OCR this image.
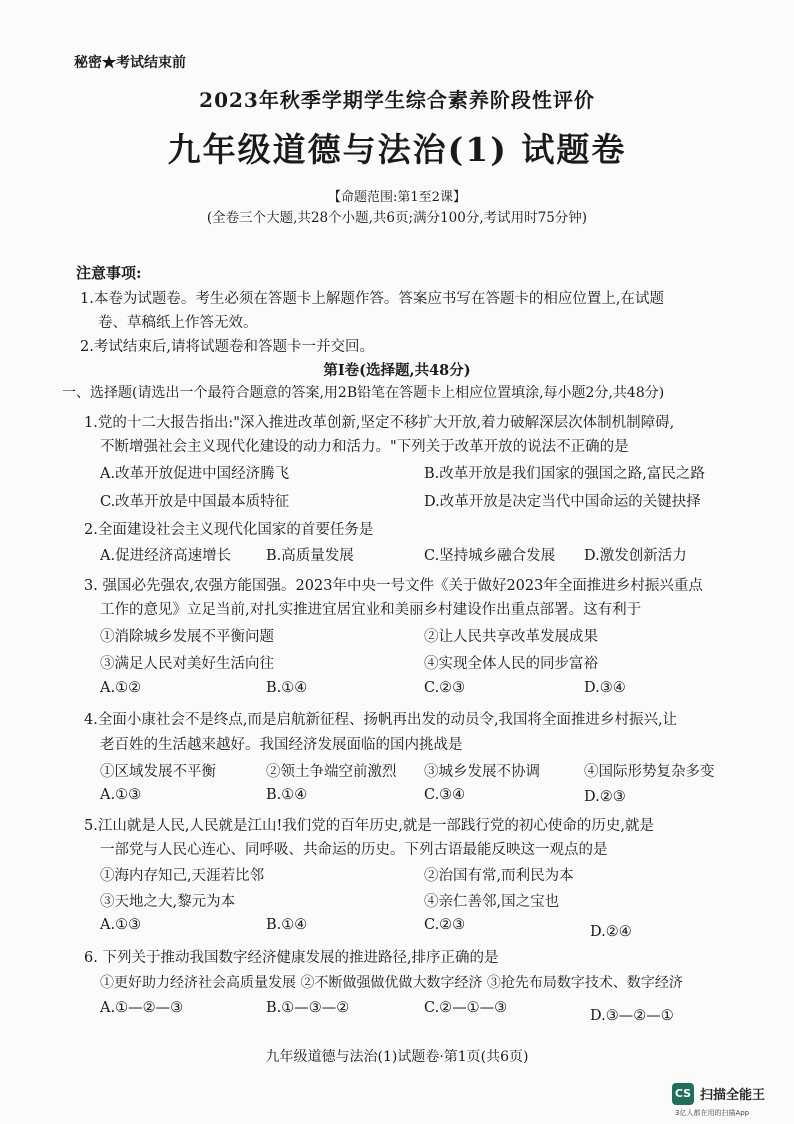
秘密★考试结束前
2023年秋季学期学生综合素养阶段性评价
九年级道德与法治(1) 试题卷
【命题范围:第1至2课】
(全卷三个大题,共28个小题,共6页;满分100分,考试用时75分钟)
注意事项:
1.本卷为试题卷。考生必须在答题卡上解题作答。答案应书写在答题卡的相应位置上,在试题
卷、草稿纸上作答无效。
2.考试结束后,请将试题卷和答题卡一并交回。
第Ⅰ卷(选择题,共48分)
一、选择题(请选出一个最符合题意的答案,用2B铅笔在答题卡上相应位置填涂,每小题2分,共48分)
1.党的十二大报告指出:"深入推进改革创新,坚定不移扩大开放,着力破解深层次体制机制障碍,
不断增强社会主义现代化建设的动力和活力。"下列关于改革开放的说法不正确的是
A.改革开放促进中国经济腾飞	B.改革开放是我们国家的强国之路,富民之路
C.改革开放是中国最本质特征	D.改革开放是决定当代中国命运的关键抉择
2.全面建设社会主义现代化国家的首要任务是
A.促进经济高速增长 B.高质量发展	C.坚持城乡融合发展 D.激发创新活力
3. 强国必先强农,农强方能国强。2023年中央一号文件《关于做好2023年全面推进乡村振兴重点
工作的意见》立足当前,对扎实推进宜居宜业和美丽乡村建设作出重点部署。这有利于
①消除城乡发展不平衡问题	②让人民共享改革发展成果
③满足人民对美好生活向往	④实现全体人民的同步富裕
A.①②	B.①④	C.②③	D.③④
4.全面小康社会不是终点,而是启航新征程、扬帆再出发的动员令,我国将全面推进乡村振兴,让
老百姓的生活越来越好。我国经济发展面临的国内挑战是
①区域发展不平衡	②领土争端空前激烈 ③城乡发展不协调	④国际形势复杂多变
A.①③	B.①④	C.③④	D.②③
5.江山就是人民,人民就是江山!我们党的百年历史,就是一部践行党的初心使命的历史,就是
一部党与人民心连心、同呼吸、共命运的历史。下列古语最能反映这一观点的是
①海内存知己,天涯若比邻	②治国有常,而利民为本
③天地之大,黎元为本	④亲仁善邻,国之宝也
A.①③	B.①④	C.②③	D.②④
6. 下列关于推动我国数字经济健康发展的推进路径,排序正确的是
①更好助力经济社会高质量发展 ②不断做强做优做大数字经济 ③抢先布局数字技术、数字经济
A.①—②—③	B.①—③—②	C.②—①—③	D.③—②—①
九年级道德与法治(1)试题卷·第1页(共6页)
CS 扫描全能王
3亿人都在用的扫描App
